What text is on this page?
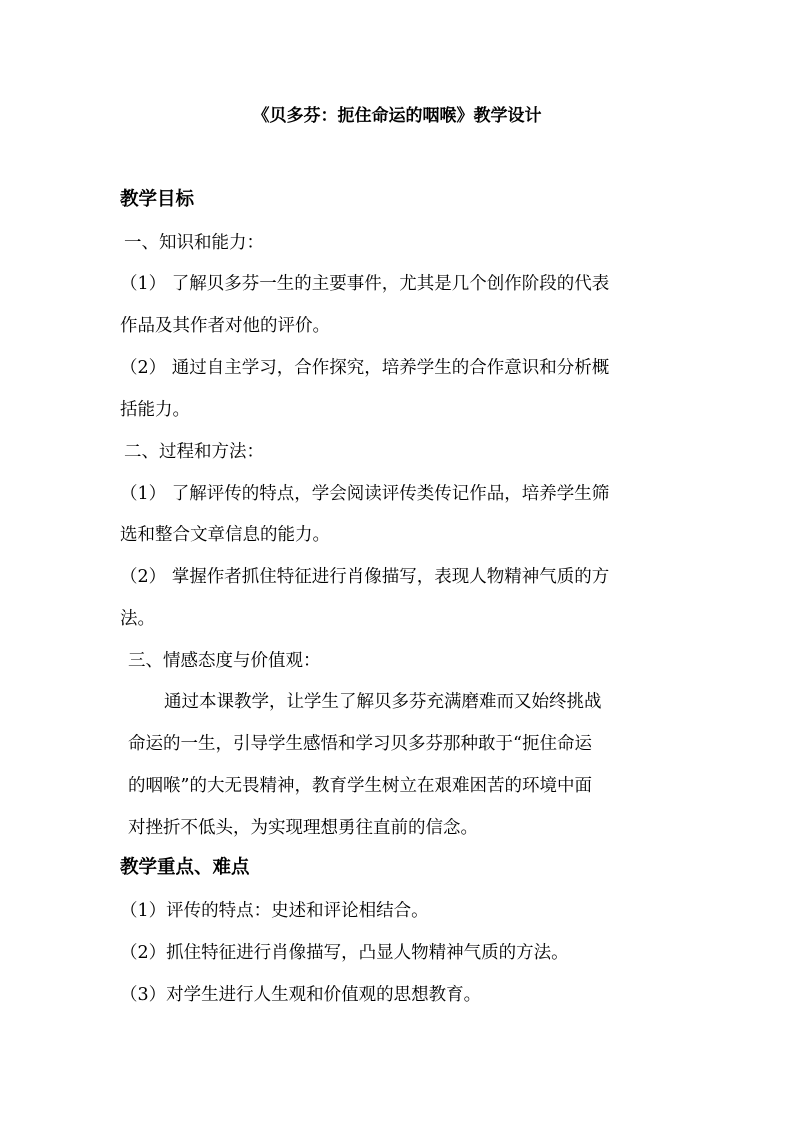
《贝多芬：扼住命运的咽喉》教学设计
教学目标
一、知识和能力：
（1） 了解贝多芬一生的主要事件，尤其是几个创作阶段的代表
作品及其作者对他的评价。
（2） 通过自主学习，合作探究，培养学生的合作意识和分析概
括能力。
二、过程和方法：
（1） 了解评传的特点，学会阅读评传类传记作品，培养学生筛
选和整合文章信息的能力。
（2） 掌握作者抓住特征进行肖像描写，表现人物精神气质的方
法。
三、情感态度与价值观：
通过本课教学，让学生了解贝多芬充满磨难而又始终挑战
命运的一生，引导学生感悟和学习贝多芬那种敢于“扼住命运
的咽喉”的大无畏精神，教育学生树立在艰难困苦的环境中面
对挫折不低头，为实现理想勇往直前的信念。
教学重点、难点
（1）评传的特点：史述和评论相结合。
（2）抓住特征进行肖像描写，凸显人物精神气质的方法。
（3）对学生进行人生观和价值观的思想教育。
